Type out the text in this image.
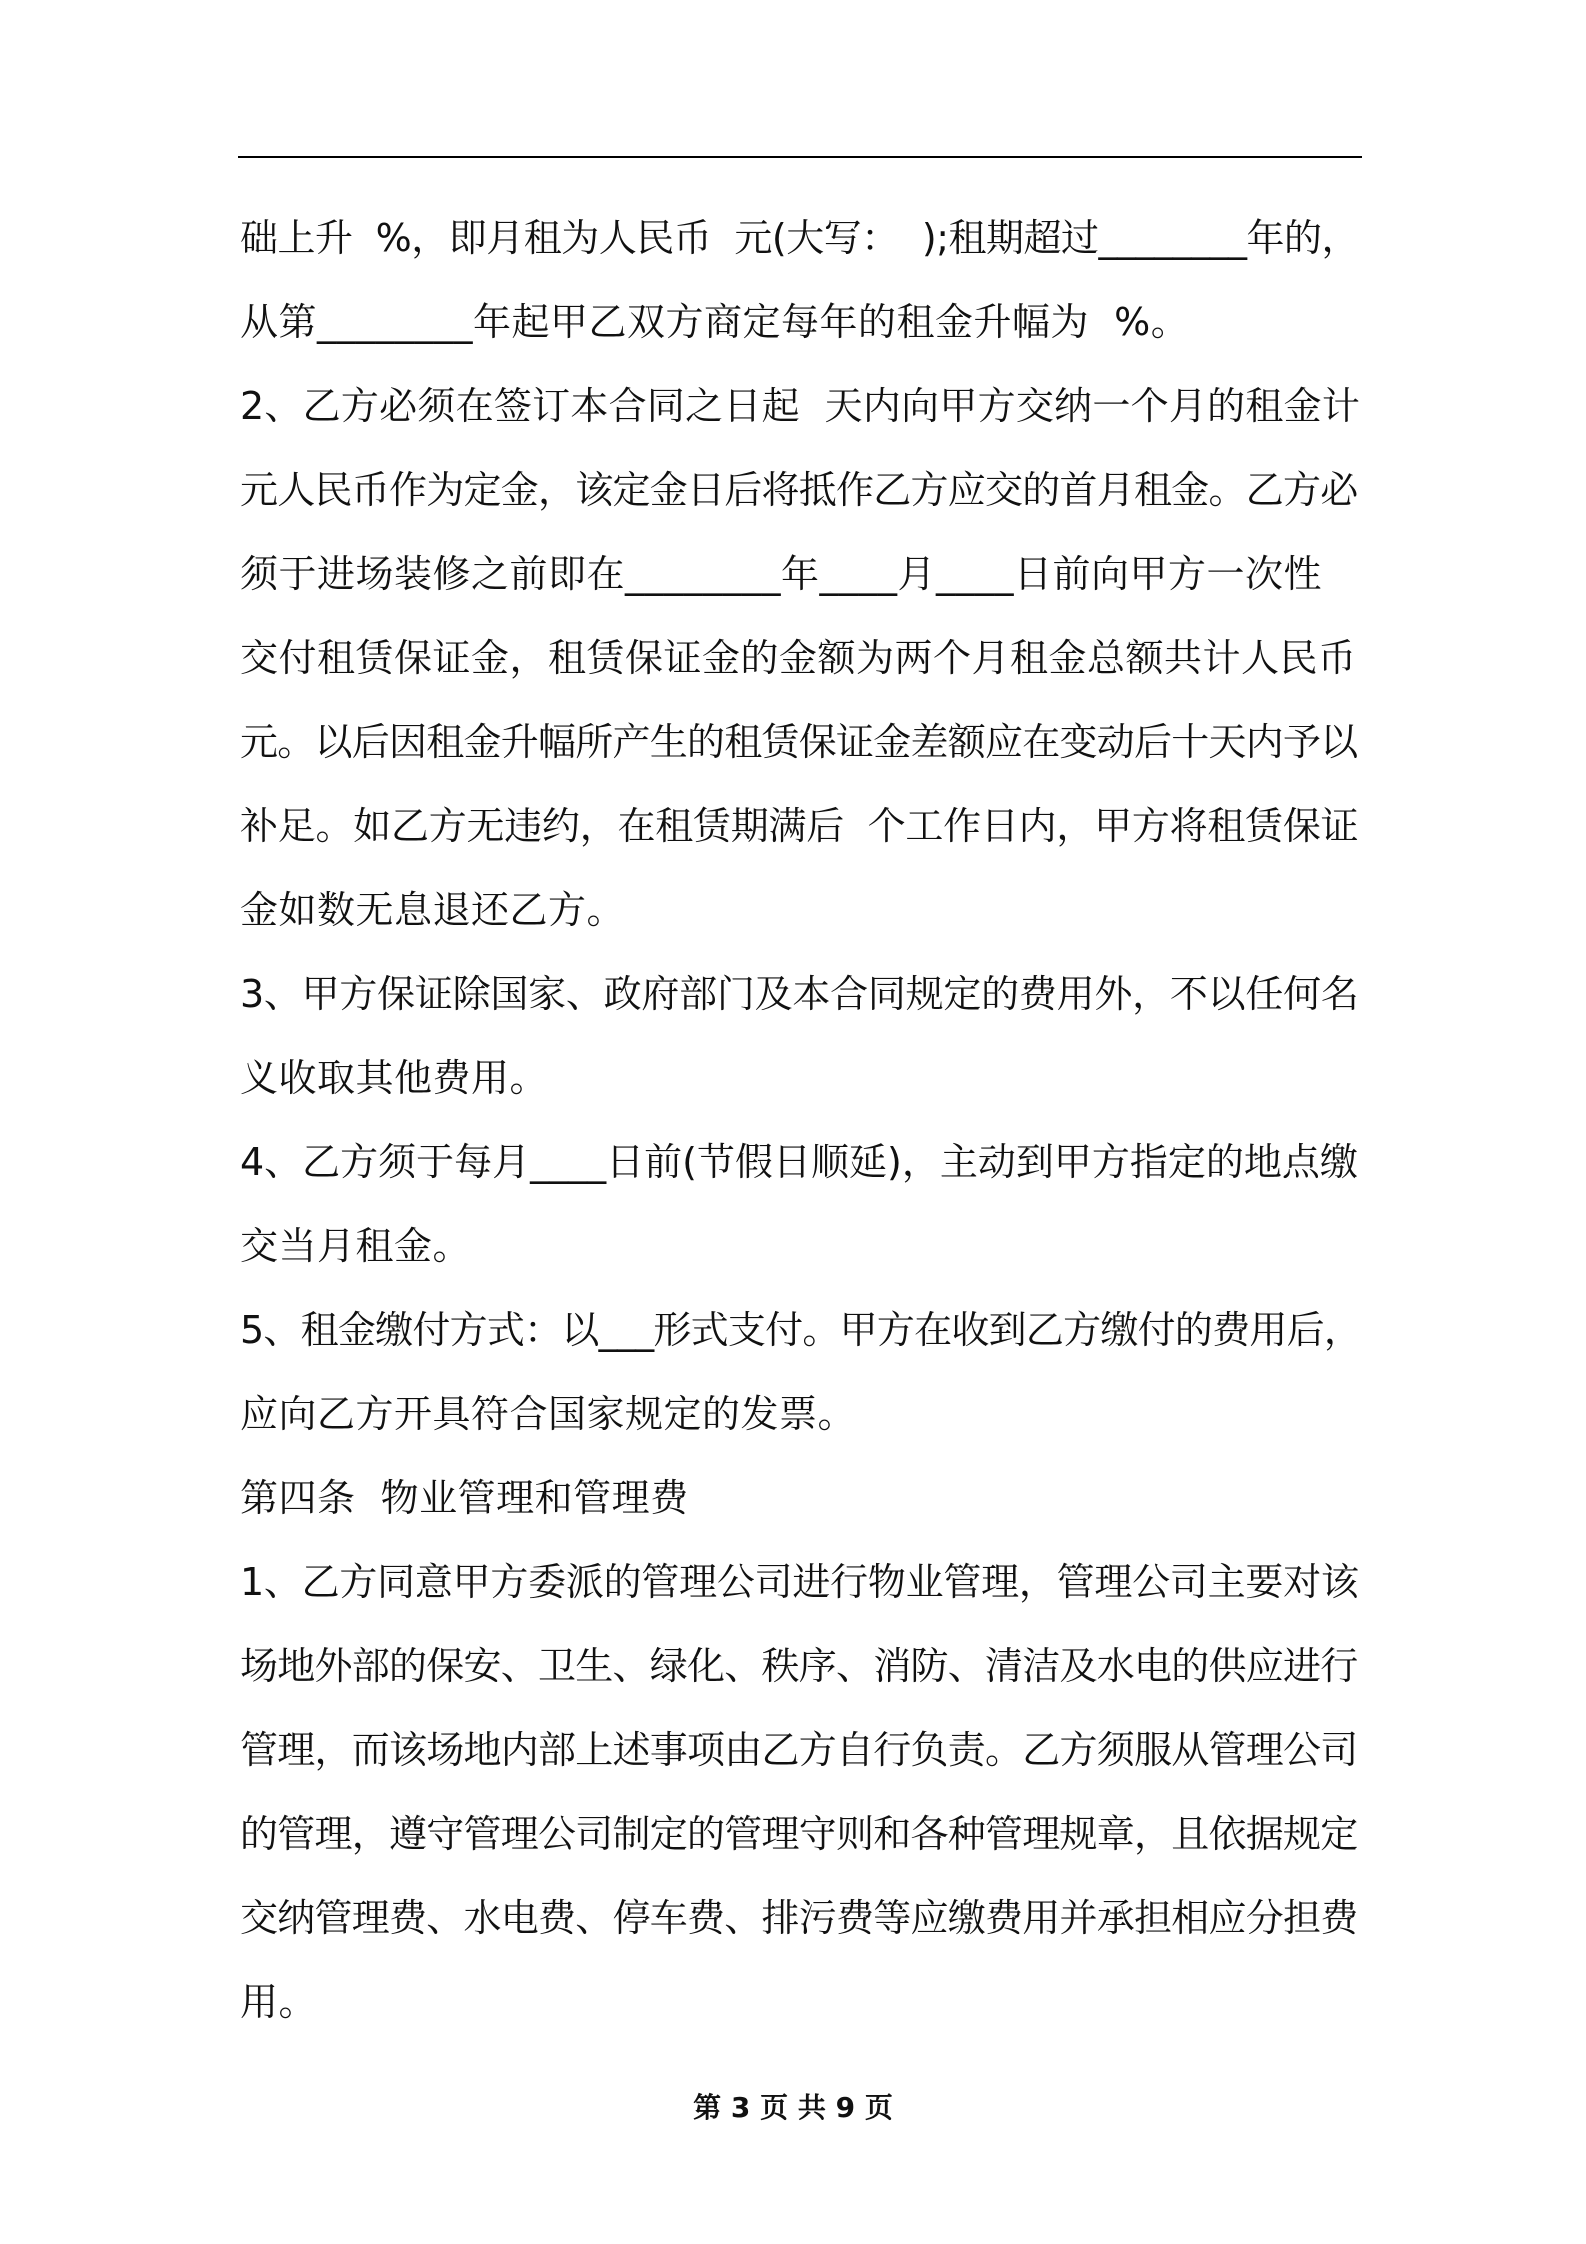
础上升  %，即月租为人民币  元(大写：  );租期超过________年的，
从第________年起甲乙双方商定每年的租金升幅为  %。
2、乙方必须在签订本合同之日起  天内向甲方交纳一个月的租金计
元人民币作为定金，该定金日后将抵作乙方应交的首月租金。乙方必
须于进场装修之前即在________年____月____日前向甲方一次性
交付租赁保证金，租赁保证金的金额为两个月租金总额共计人民币
元。以后因租金升幅所产生的租赁保证金差额应在变动后十天内予以
补足。如乙方无违约，在租赁期满后  个工作日内，甲方将租赁保证
金如数无息退还乙方。
3、甲方保证除国家、政府部门及本合同规定的费用外，不以任何名
义收取其他费用。
4、乙方须于每月____日前(节假日顺延)，主动到甲方指定的地点缴
交当月租金。
5、租金缴付方式：以___形式支付。甲方在收到乙方缴付的费用后，
应向乙方开具符合国家规定的发票。
第四条  物业管理和管理费
1、乙方同意甲方委派的管理公司进行物业管理，管理公司主要对该
场地外部的保安、卫生、绿化、秩序、消防、清洁及水电的供应进行
管理，而该场地内部上述事项由乙方自行负责。乙方须服从管理公司
的管理，遵守管理公司制定的管理守则和各种管理规章，且依据规定
交纳管理费、水电费、停车费、排污费等应缴费用并承担相应分担费
用。
第 3 页 共 9 页
